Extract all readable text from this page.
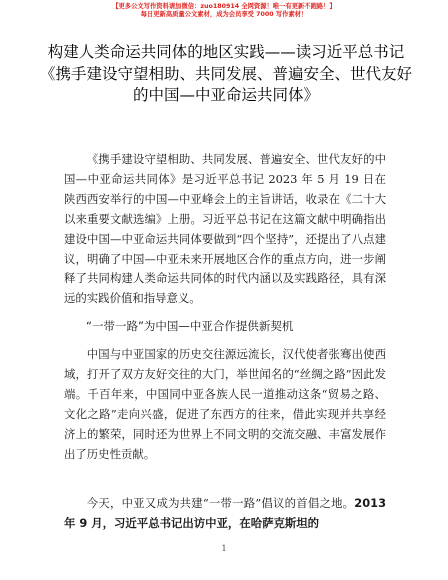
【更多公文写作资料请加微信：zuo180914 全网资源！唯一有更新不跑路！】
每日更新高质量公文素材，成为会员享受 7000 写作素材！
构建人类命运共同体的地区实践——读习近平总书记《携手建设守望相助、共同发展、普遍安全、世代友好的中国—中亚命运共同体》
《携手建设守望相助、共同发展、普遍安全、世代友好的中国—中亚命运共同体》是习近平总书记 2023 年 5 月 19 日在陕西西安举行的中国—中亚峰会上的主旨讲话，收录在《二十大以来重要文献选编》上册。习近平总书记在这篇文献中明确指出建设中国—中亚命运共同体要做到“四个坚持”，还提出了八点建议，明确了中国—中亚未来开展地区合作的重点方向，进一步阐释了共同构建人类命运共同体的时代内涵以及实践路径，具有深远的实践价值和指导意义。
“一带一路”为中国—中亚合作提供新契机
中国与中亚国家的历史交往源远流长，汉代使者张骞出使西域，打开了双方友好交往的大门，举世闻名的“丝绸之路”因此发端。千百年来，中国同中亚各族人民一道推动这条“贸易之路、文化之路”走向兴盛，促进了东西方的往来，借此实现并共享经济上的繁荣，同时还为世界上不同文明的交流交融、丰富发展作出了历史性贡献。
今天，中亚又成为共建“一带一路”倡议的首倡之地。2013 年 9 月，习近平总书记出访中亚，在哈萨克斯坦的
1
